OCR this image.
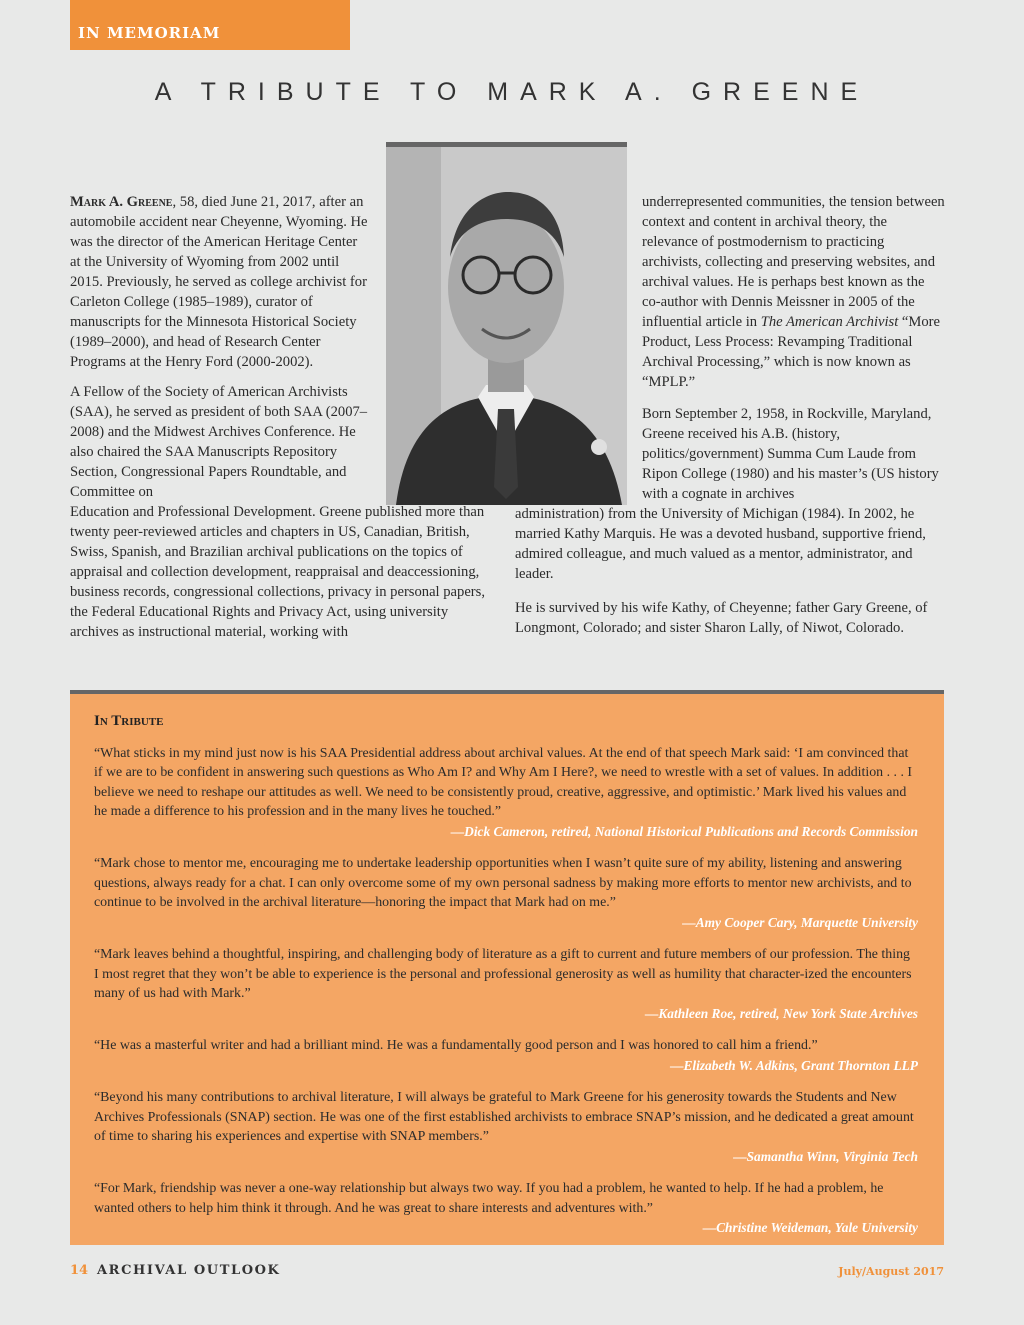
IN MEMORIAM
A TRIBUTE TO MARK A. GREENE

Mark A. Greene, 58, died June 21, 2017, after an automobile accident near Cheyenne, Wyoming. He was the director of the American Heritage Center at the University of Wyoming from 2002 until 2015. Previously, he served as college archivist for Carleton College (1985–1989), curator of manuscripts for the Minnesota Historical Society (1989–2000), and head of Research Center Programs at the Henry Ford (2000-2002).

A Fellow of the Society of American Archivists (SAA), he served as president of both SAA (2007–2008) and the Midwest Archives Conference. He also chaired the SAA Manuscripts Repository Section, Congressional Papers Roundtable, and Committee on
Education and Professional Development. Greene published more than twenty peer-reviewed articles and chapters in US, Canadian, British, Swiss, Spanish, and Brazilian archival publications on the topics of appraisal and collection development, reappraisal and deaccessioning, business records, congressional collections, privacy in personal papers, the Federal Educational Rights and Privacy Act, using university archives as instructional material, working with

underrepresented communities, the tension between context and content in archival theory, the relevance of postmodernism to practicing archivists, collecting and preserving websites, and archival values. He is perhaps best known as the co-author with Dennis Meissner in 2005 of the influential article in The American Archivist “More Product, Less Process: Revamping Traditional Archival Processing,” which is now known as “MPLP.”

Born September 2, 1958, in Rockville, Maryland, Greene received his A.B. (history, politics/government) Summa Cum Laude from Ripon College (1980) and his master’s (US history with a cognate in archives
administration) from the University of Michigan (1984). In 2002, he married Kathy Marquis. He was a devoted husband, supportive friend, admired colleague, and much valued as a mentor, administrator, and leader.

He is survived by his wife Kathy, of Cheyenne; father Gary Greene, of Longmont, Colorado; and sister Sharon Lally, of Niwot, Colorado.

In Tribute
“What sticks in my mind just now is his SAA Presidential address about archival values. At the end of that speech Mark said: ‘I am convinced that if we are to be confident in answering such questions as Who Am I? and Why Am I Here?, we need to wrestle with a set of values. In addition . . . I believe we need to reshape our attitudes as well. We need to be consistently proud, creative, aggressive, and optimistic.’ Mark lived his values and he made a difference to his profession and in the many lives he touched.”
—Dick Cameron, retired, National Historical Publications and Records Commission
“Mark chose to mentor me, encouraging me to undertake leadership opportunities when I wasn’t quite sure of my ability, listening and answering questions, always ready for a chat. I can only overcome some of my own personal sadness by making more efforts to mentor new archivists, and to continue to be involved in the archival literature—honoring the impact that Mark had on me.”
—Amy Cooper Cary, Marquette University
“Mark leaves behind a thoughtful, inspiring, and challenging body of literature as a gift to current and future members of our profession. The thing I most regret that they won’t be able to experience is the personal and professional generosity as well as humility that character-ized the encounters many of us had with Mark.”
—Kathleen Roe, retired, New York State Archives
“He was a masterful writer and had a brilliant mind. He was a fundamentally good person and I was honored to call him a friend.”
—Elizabeth W. Adkins, Grant Thornton LLP
“Beyond his many contributions to archival literature, I will always be grateful to Mark Greene for his generosity towards the Students and New Archives Professionals (SNAP) section. He was one of the first established archivists to embrace SNAP’s mission, and he dedicated a great amount of time to sharing his experiences and expertise with SNAP members.”
—Samantha Winn, Virginia Tech
“For Mark, friendship was never a one-way relationship but always two way. If you had a problem, he wanted to help. If he had a problem, he wanted others to help him think it through. And he was great to share interests and adventures with.”
—Christine Weideman, Yale University
14 ARCHIVAL OUTLOOK	July/August 2017
